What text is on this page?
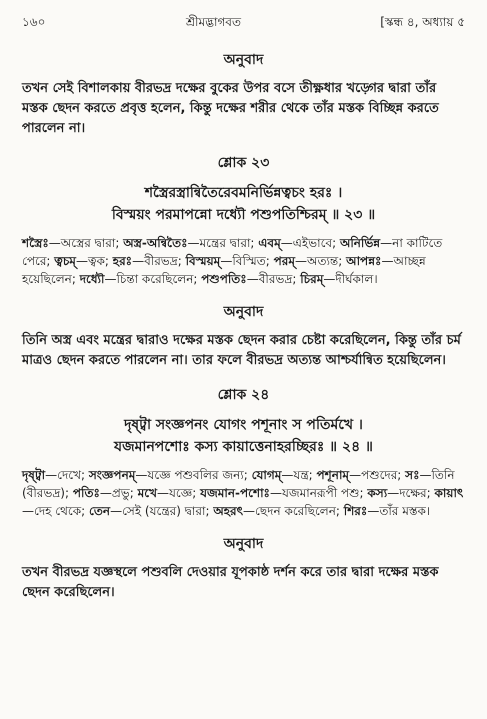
১৬০	শ্রীমদ্ভাগবত	[স্কন্ধ ৪, অধ্যায় ৫
অনুবাদ

তখন সেই বিশালকায় বীরভদ্র দক্ষের বুকের উপর বসে তীক্ষ্ণধার খড়্গের দ্বারা তাঁর মস্তক ছেদন করতে প্রবৃত্ত হলেন, কিন্তু দক্ষের শরীর থেকে তাঁর মস্তক বিচ্ছিন্ন করতে পারলেন না।

শ্লোক ২৩

শস্ত্রৈরস্ত্রান্বিতৈরেবমনির্ভিন্নত্বচং হরঃ ।
বিস্ময়ং পরমাপন্নো দধ্যৌ পশুপতিশ্চিরম্ ॥ ২৩ ॥

শস্ত্রৈঃ—অস্ত্রের দ্বারা; অস্ত্র-অন্বিতৈঃ—মন্ত্রের দ্বারা; এবম্—এইভাবে; অনির্ভিন্ন—না কাটিতে পেরে; ত্বচম্—ত্বক; হরঃ—বীরভদ্র; বিস্ময়ম্—বিস্মিত; পরম্—অত্যন্ত; আপন্নঃ—আচ্ছন্ন হয়েছিলেন; দধ্যৌ—চিন্তা করেছিলেন; পশুপতিঃ—বীরভদ্র; চিরম্—দীর্ঘকাল।

অনুবাদ

তিনি অস্ত্র এবং মন্ত্রের দ্বারাও দক্ষের মস্তক ছেদন করার চেষ্টা করেছিলেন, কিন্তু তাঁর চর্ম মাত্রও ছেদন করতে পারলেন না। তার ফলে বীরভদ্র অত্যন্ত আশ্চর্যান্বিত হয়েছিলেন।

শ্লোক ২৪

দৃষ্ট্বা সংজ্ঞপনং যোগং পশূনাং স পতির্মখে ।
যজমানপশোঃ কস্য কায়াত্তেনাহরচ্ছিরঃ ॥ ২৪ ॥

দৃষ্ট্বা—দেখে; সংজ্ঞপনম্—যজ্ঞে পশুবলির জন্য; যোগম্—যন্ত্র; পশূনাম্—পশুদের; সঃ—তিনি (বীরভদ্র); পতিঃ—প্রভু; মখে—যজ্ঞে; যজমান-পশোঃ—যজমানরূপী পশু; কস্য—দক্ষের; কায়াৎ—দেহ থেকে; তেন—সেই (যন্ত্রের) দ্বারা; অহরৎ—ছেদন করেছিলেন; শিরঃ—তাঁর মস্তক।

অনুবাদ

তখন বীরভদ্র যজ্ঞস্থলে পশুবলি দেওয়ার যূপকাষ্ঠ দর্শন করে তার দ্বারা দক্ষের মস্তক ছেদন করেছিলেন।
